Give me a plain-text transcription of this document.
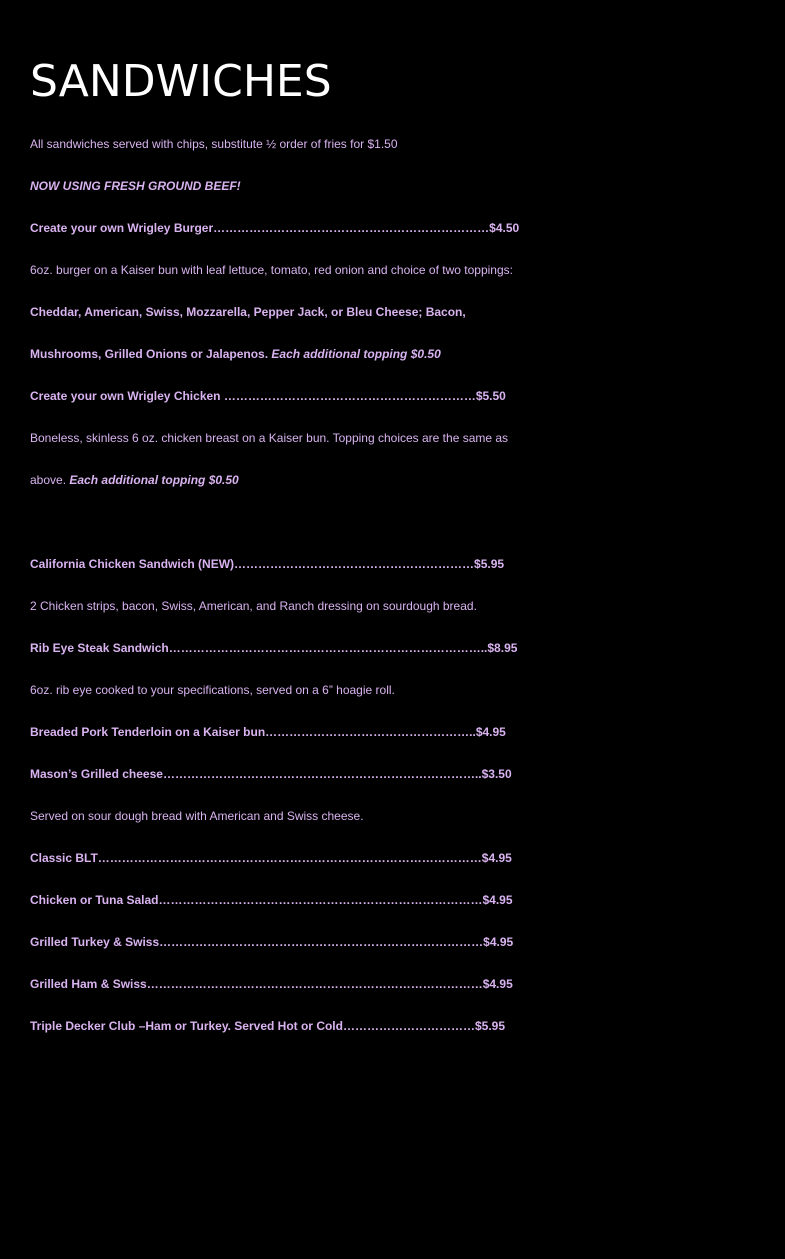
SANDWICHES

All sandwiches served with chips, substitute ½ order of fries for $1.50

NOW USING FRESH GROUND BEEF!

Create your own Wrigley Burger……………………………………………………………$4.50

6oz. burger on a Kaiser bun with leaf lettuce, tomato, red onion and choice of two toppings:

Cheddar, American, Swiss, Mozzarella, Pepper Jack, or Bleu Cheese; Bacon,

Mushrooms, Grilled Onions or Jalapenos. Each additional topping $0.50

Create your own Wrigley Chicken ………………………………………………………$5.50

Boneless, skinless 6 oz. chicken breast on a Kaiser bun. Topping choices are the same as

above. Each additional topping $0.50

California Chicken Sandwich (NEW)……………………………………………………$5.95

2 Chicken strips, bacon, Swiss, American, and Ranch dressing on sourdough bread.

Rib Eye Steak Sandwich……………………………………………………………………..$8.95

6oz. rib eye cooked to your specifications, served on a 6” hoagie roll.

Breaded Pork Tenderloin on a Kaiser bun……………………………………………..$4.95

Mason’s Grilled cheese……………………………………………………………………..$3.50

Served on sour dough bread with American and Swiss cheese.

Classic BLT……………………………………………………………………………………$4.95

Chicken or Tuna Salad………………………………………………………………………$4.95

Grilled Turkey & Swiss………………………………………………………………………$4.95

Grilled Ham & Swiss…………………………………………………………………………$4.95

Triple Decker Club –Ham or Turkey. Served Hot or Cold……………………………$5.95
